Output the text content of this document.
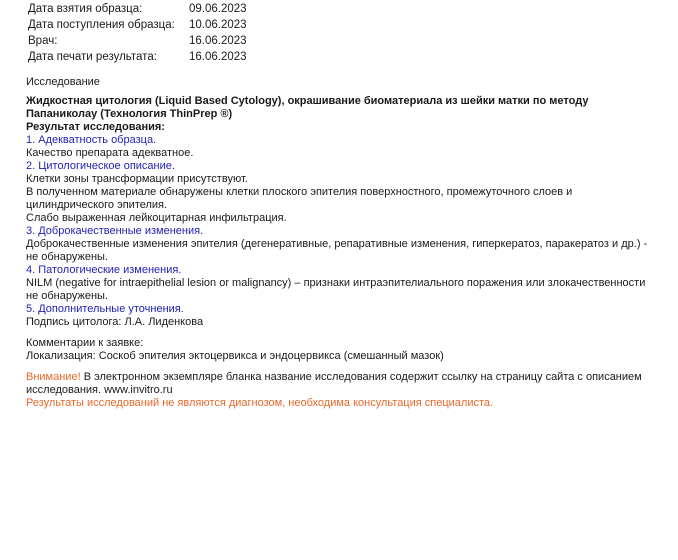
Дата взятия образца:	09.06.2023
Дата поступления образца: 10.06.2023
Врач:	16.06.2023
Дата печати результата:	16.06.2023
Исследование
Жидкостная цитология (Liquid Based Cytology), окрашивание биоматериала из шейки матки по методу Папаниколау (Технология ThinPrep ®)
Результат исследования:
1. Адекватность образца.
Качество препарата адекватное.
2. Цитологическое описание.
Клетки зоны трансформации присутствуют.
В полученном материале обнаружены клетки плоского эпителия поверхностного, промежуточного слоев и цилиндрического эпителия.
Слабо выраженная лейкоцитарная инфильтрация.
3. Доброкачественные изменения.
Доброкачественные изменения эпителия (дегенеративные, репаративные изменения, гиперкератоз, паракератоз и др.) - не обнаружены.
4. Патологические изменения.
NILM (negative for intraepithelial lesion or malignancy) – признаки интраэпителиального поражения или злокачественности не обнаружены.
5. Дополнительные уточнения.
Подпись цитолога: Л.А. Лиденкова
Комментарии к заявке:
Локализация: Соскоб эпителия эктоцервикса и эндоцервикса (смешанный мазок)

Внимание! В электронном экземпляре бланка название исследования содержит ссылку на страницу сайта с описанием исследования. www.invitro.ru

Результаты исследований не являются диагнозом, необходима консультация специалиста.
